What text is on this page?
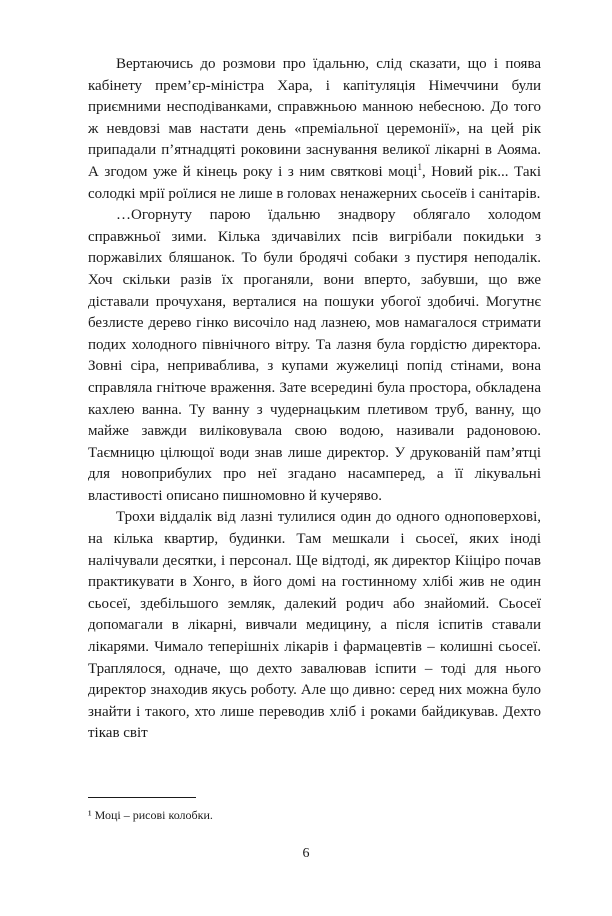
Вертаючись до розмови про їдальню, слід сказати, що і поява кабінету прем’єр-міністра Хара, і капітуляція Німеччини були приємними несподіванками, справжньою манною небесною. До того ж невдовзі мав настати день «преміальної церемонії», на цей рік припадали п’ятнадцяті роковини заснування великої лікарні в Аояма. А згодом уже й кінець року і з ним святкові моці$^1$, Новий рік... Такі солодкі мрії роїлися не лише в головах ненажерних сьосеїв і санітарів.

…Огорнуту парою їдальню знадвору облягало холодом справжньої зими. Кілька здичавілих псів вигрібали покидьки з поржавілих бляшанок. То були бродячі собаки з пустиря неподалік. Хоч скільки разів їх проганяли, вони вперто, забувши, що вже діставали прочуханя, верталися на пошуки убогої здобичі. Могутнє безлисте дерево гінко височіло над лазнею, мов намагалося стримати подих холодного північного вітру. Та лазня була гордістю директора. Зовні сіра, неприваблива, з купами жужелиці попід стінами, вона справляла гнітюче враження. Зате всередині була простора, обкладена кахлею ванна. Ту ванну з чудернацьким плетивом труб, ванну, що майже завжди виліковувала свою водою, називали радоновою. Таємницю цілющої води знав лише директор. У друкованій пам’ятці для новоприбулих про неї згадано насамперед, а її лікувальні властивості описано пишномовно й кучеряво.

Трохи віддалік від лазні тулилися один до одного одноповерхові, на кілька квартир, будинки. Там мешкали і сьосеї, яких іноді налічували десятки, і персонал. Ще відтоді, як директор Кііціро почав практикувати в Хонго, в його домі на гостинному хлібі жив не один сьосеї, здебільшого земляк, далекий родич або знайомий. Сьосеї допомагали в лікарні, вивчали медицину, а після іспитів ставали лікарями. Чимало теперішніх лікарів і фармацевтів – колишні сьосеї. Траплялося, одначе, що дехто завалював іспити – тоді для нього директор знаходив якусь роботу. Але що дивно: серед них можна було знайти і такого, хто лише переводив хліб і роками байдикував. Дехто тікав світ

¹ Моці – рисові колобки.

6
